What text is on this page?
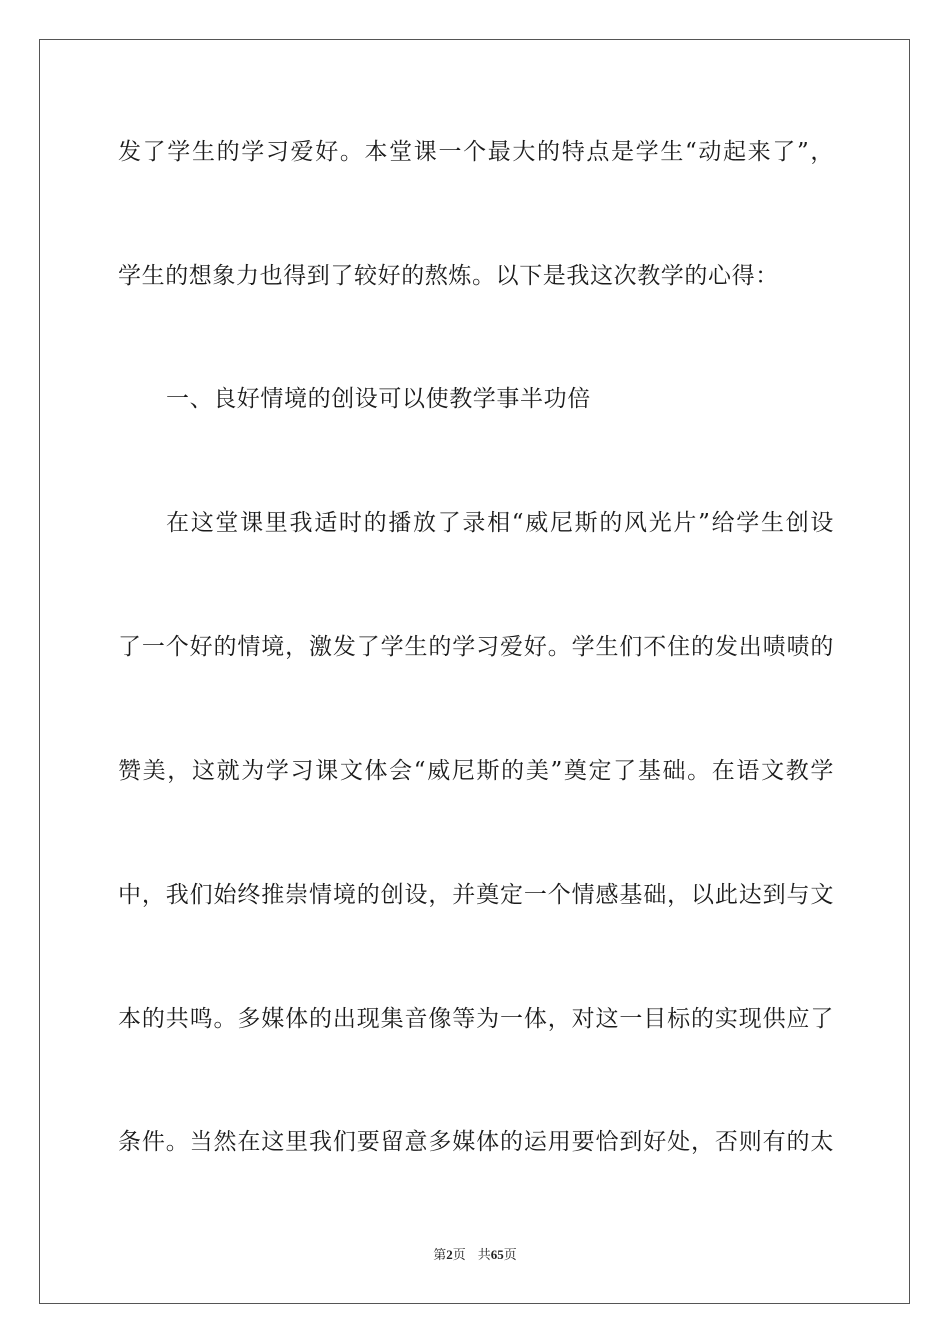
发了学生的学习爱好。本堂课一个最大的特点是学生“动起来了”，
学生的想象力也得到了较好的熬炼。以下是我这次教学的心得：
一、良好情境的创设可以使教学事半功倍
在这堂课里我适时的播放了录相“威尼斯的风光片”给学生创设
了一个好的情境，激发了学生的学习爱好。学生们不住的发出啧啧的
赞美，这就为学习课文体会“威尼斯的美”奠定了基础。在语文教学
中，我们始终推崇情境的创设，并奠定一个情感基础，以此达到与文
本的共鸣。多媒体的出现集音像等为一体，对这一目标的实现供应了
条件。当然在这里我们要留意多媒体的运用要恰到好处，否则有的太
第2页 共65页
